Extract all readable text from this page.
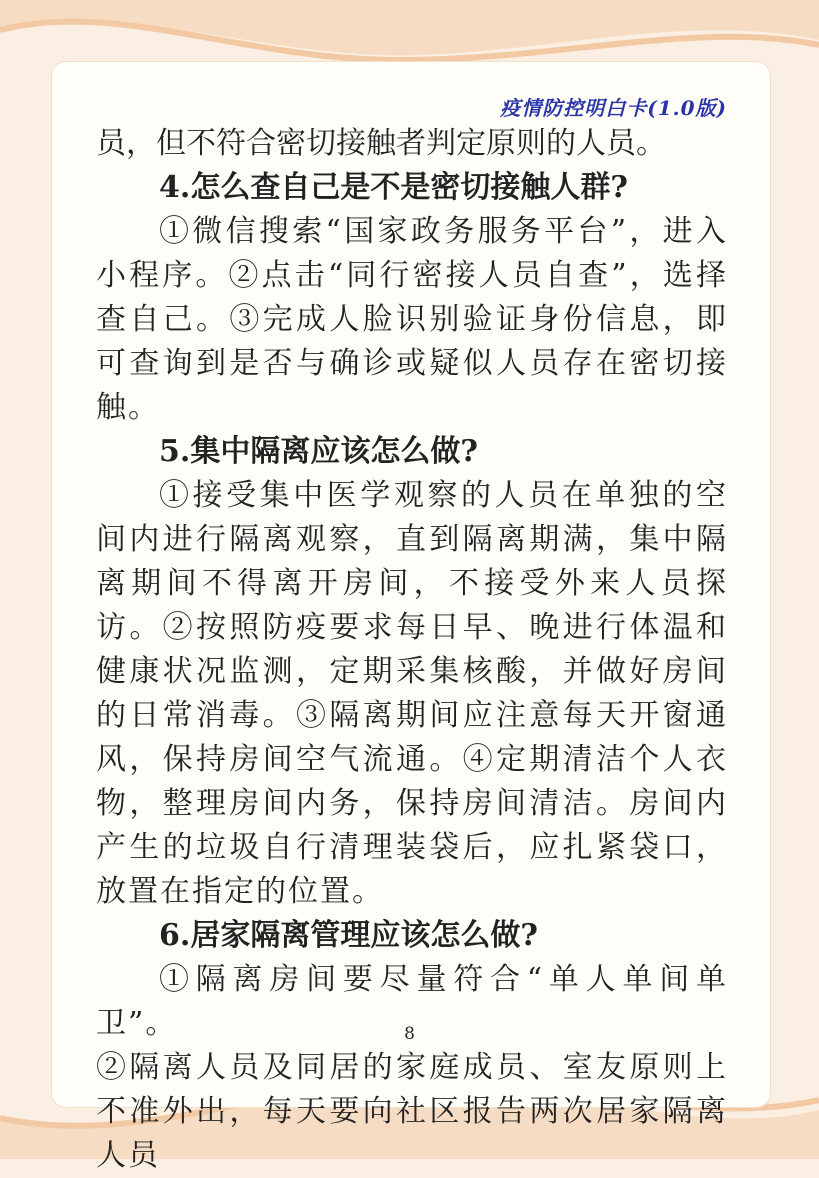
疫情防控明白卡(1.0版)

员，但不符合密切接触者判定原则的人员。

4.怎么查自己是不是密切接触人群?

①微信搜索“国家政务服务平台”，进入小程序。②点击“同行密接人员自查”，选择查自己。③完成人脸识别验证身份信息，即可查询到是否与确诊或疑似人员存在密切接触。

5.集中隔离应该怎么做?

①接受集中医学观察的人员在单独的空间内进行隔离观察，直到隔离期满，集中隔离期间不得离开房间，不接受外来人员探访。②按照防疫要求每日早、晚进行体温和健康状况监测，定期采集核酸，并做好房间的日常消毒。③隔离期间应注意每天开窗通风，保持房间空气流通。④定期清洁个人衣物，整理房间内务，保持房间清洁。房间内产生的垃圾自行清理装袋后，应扎紧袋口，放置在指定的位置。

6.居家隔离管理应该怎么做?

①隔离房间要尽量符合“单人单间单卫”。

②隔离人员及同居的家庭成员、室友原则上不准外出，每天要向社区报告两次居家隔离人员

8
